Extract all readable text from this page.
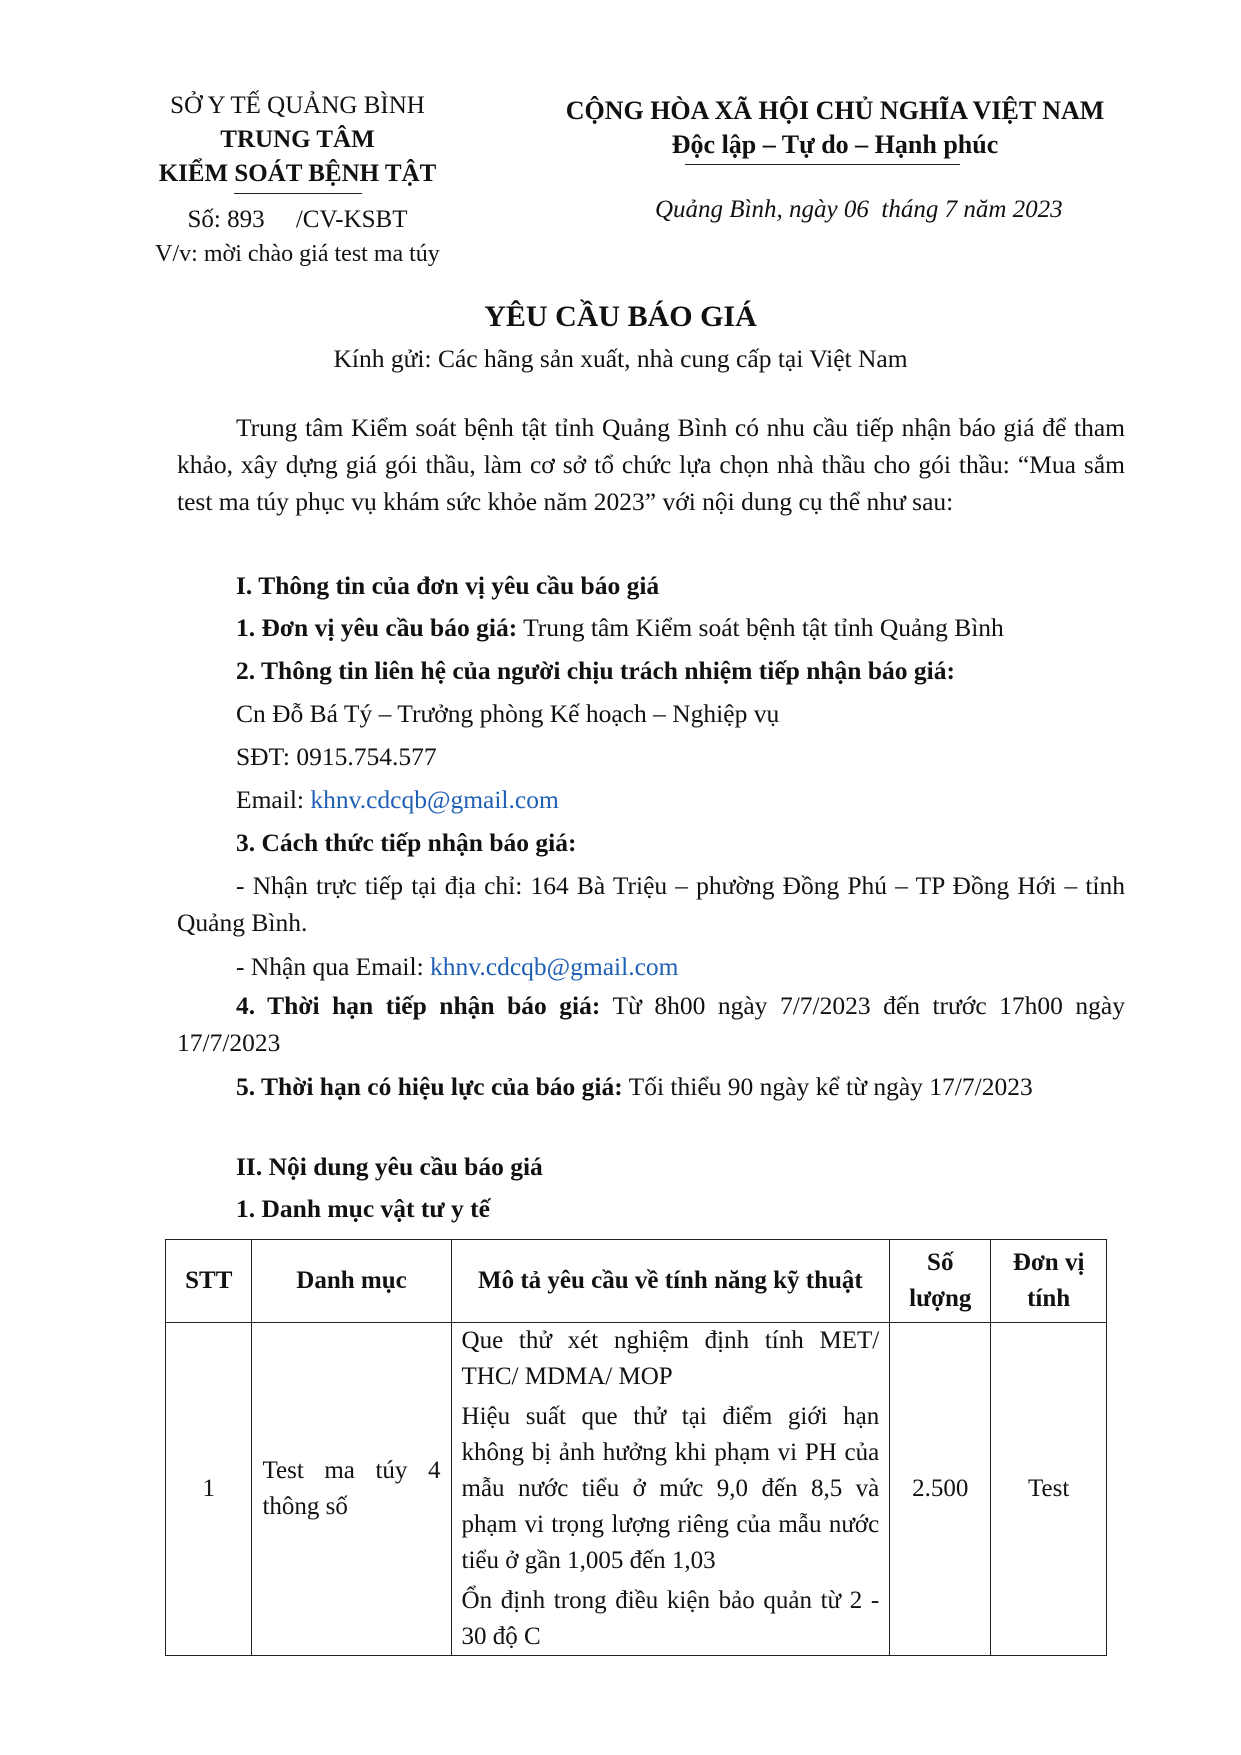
SỞ Y TẾ QUẢNG BÌNH
TRUNG TÂM
KIỂM SOÁT BỆNH TẬT
Số: 893     /CV-KSBT
V/v: mời chào giá test ma túy
CỘNG HÒA XÃ HỘI CHỦ NGHĨA VIỆT NAM
Độc lập – Tự do – Hạnh phúc
Quảng Bình, ngày 06  tháng 7 năm 2023
YÊU CẦU BÁO GIÁ
Kính gửi: Các hãng sản xuất, nhà cung cấp tại Việt Nam
Trung tâm Kiểm soát bệnh tật tỉnh Quảng Bình có nhu cầu tiếp nhận báo giá để tham khảo, xây dựng giá gói thầu, làm cơ sở tổ chức lựa chọn nhà thầu cho gói thầu: “Mua sắm test ma túy phục vụ khám sức khỏe năm 2023” với nội dung cụ thể như sau:
I. Thông tin của đơn vị yêu cầu báo giá
1. Đơn vị yêu cầu báo giá: Trung tâm Kiểm soát bệnh tật tỉnh Quảng Bình
2. Thông tin liên hệ của người chịu trách nhiệm tiếp nhận báo giá:
Cn Đỗ Bá Tý – Trưởng phòng Kế hoạch – Nghiệp vụ
SĐT: 0915.754.577
Email: khnv.cdcqb@gmail.com
3. Cách thức tiếp nhận báo giá:
- Nhận trực tiếp tại địa chỉ: 164 Bà Triệu – phường Đồng Phú – TP Đồng Hới – tỉnh Quảng Bình.
- Nhận qua Email: khnv.cdcqb@gmail.com
4. Thời hạn tiếp nhận báo giá: Từ 8h00 ngày 7/7/2023 đến trước 17h00 ngày 17/7/2023
5. Thời hạn có hiệu lực của báo giá: Tối thiểu 90 ngày kể từ ngày 17/7/2023
II. Nội dung yêu cầu báo giá
1. Danh mục vật tư y tế
STT	Danh mục	Mô tả yêu cầu về tính năng kỹ thuật	Số lượng	Đơn vị tính
1	Test ma túy 4 thông số	Que thử xét nghiệm định tính MET/ THC/ MDMA/ MOP

Hiệu suất que thử tại điểm giới hạn không bị ảnh hưởng khi phạm vi PH của mẫu nước tiểu ở mức 9,0 đến 8,5 và phạm vi trọng lượng riêng của mẫu nước tiểu ở gần 1,005 đến 1,03

Ổn định trong điều kiện bảo quản từ 2 - 30 độ C	2.500	Test
